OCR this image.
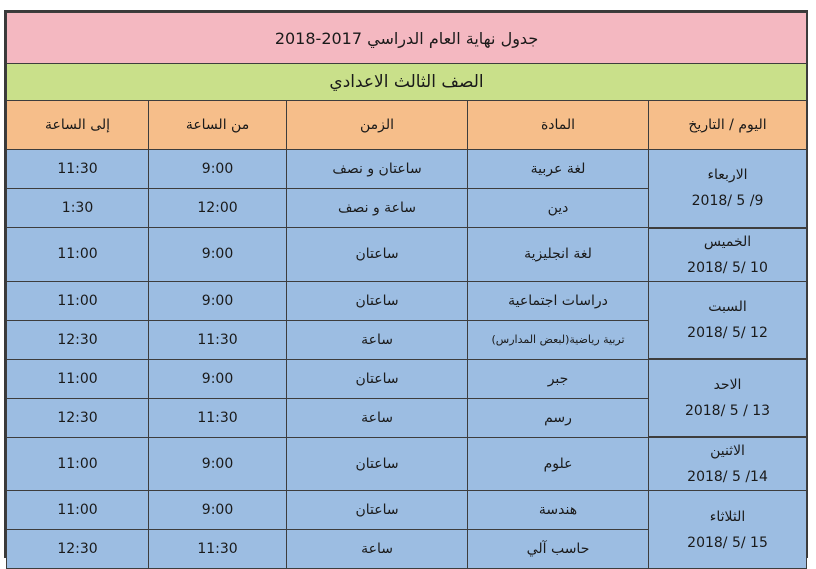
جدول نهاية العام الدراسي 2017-2018				
الصف الثالث الاعدادي				
اليوم / التاريخ	المادة	الزمن	من الساعة	إلى الساعة

الاربعاء
2018/ 5 /9	لغة عربية	ساعتان و نصف	9:00	11:30
	دين	ساعة و نصف	12:00	1:30

الخميس
2018/ 5/ 10	لغة انجليزية	ساعتان	9:00	11:00

السبت
2018/ 5/ 12	دراسات اجتماعية	ساعتان	9:00	11:00
	تربية رياضية(لبعض المدارس)	ساعة	11:30	12:30

الاحد
2018/ 5 / 13	جبر	ساعتان	9:00	11:00
	رسم	ساعة	11:30	12:30

الاثنين
2018/ 5 /14	علوم	ساعتان	9:00	11:00

الثلاثاء
2018/ 5/ 15	هندسة	ساعتان	9:00	11:00
	حاسب آلي	ساعة	11:30	12:30
